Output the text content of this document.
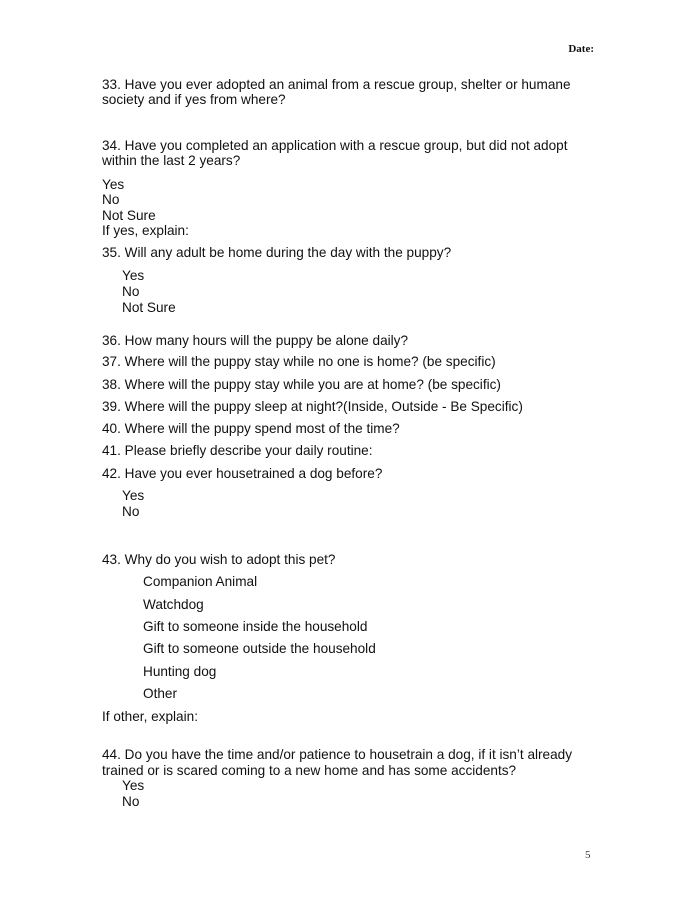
Date:
33. Have you ever adopted an animal from a rescue group, shelter or humane
society and if yes from where?
34. Have you completed an application with a rescue group, but did not adopt
within the last 2 years?
Yes
No
Not Sure
If yes, explain:
35. Will any adult be home during the day with the puppy?
Yes
No
Not Sure
36. How many hours will the puppy be alone daily?
37. Where will the puppy stay while no one is home? (be specific)
38. Where will the puppy stay while you are at home? (be specific)
39. Where will the puppy sleep at night?(Inside, Outside - Be Specific)
40. Where will the puppy spend most of the time?
41. Please briefly describe your daily routine:
42. Have you ever housetrained a dog before?
Yes
No
43. Why do you wish to adopt this pet?
Companion Animal
Watchdog
Gift to someone inside the household
Gift to someone outside the household
Hunting dog
Other
If other, explain:
44. Do you have the time and/or patience to housetrain a dog, if it isn’t already
trained or is scared coming to a new home and has some accidents?
Yes
No
5
